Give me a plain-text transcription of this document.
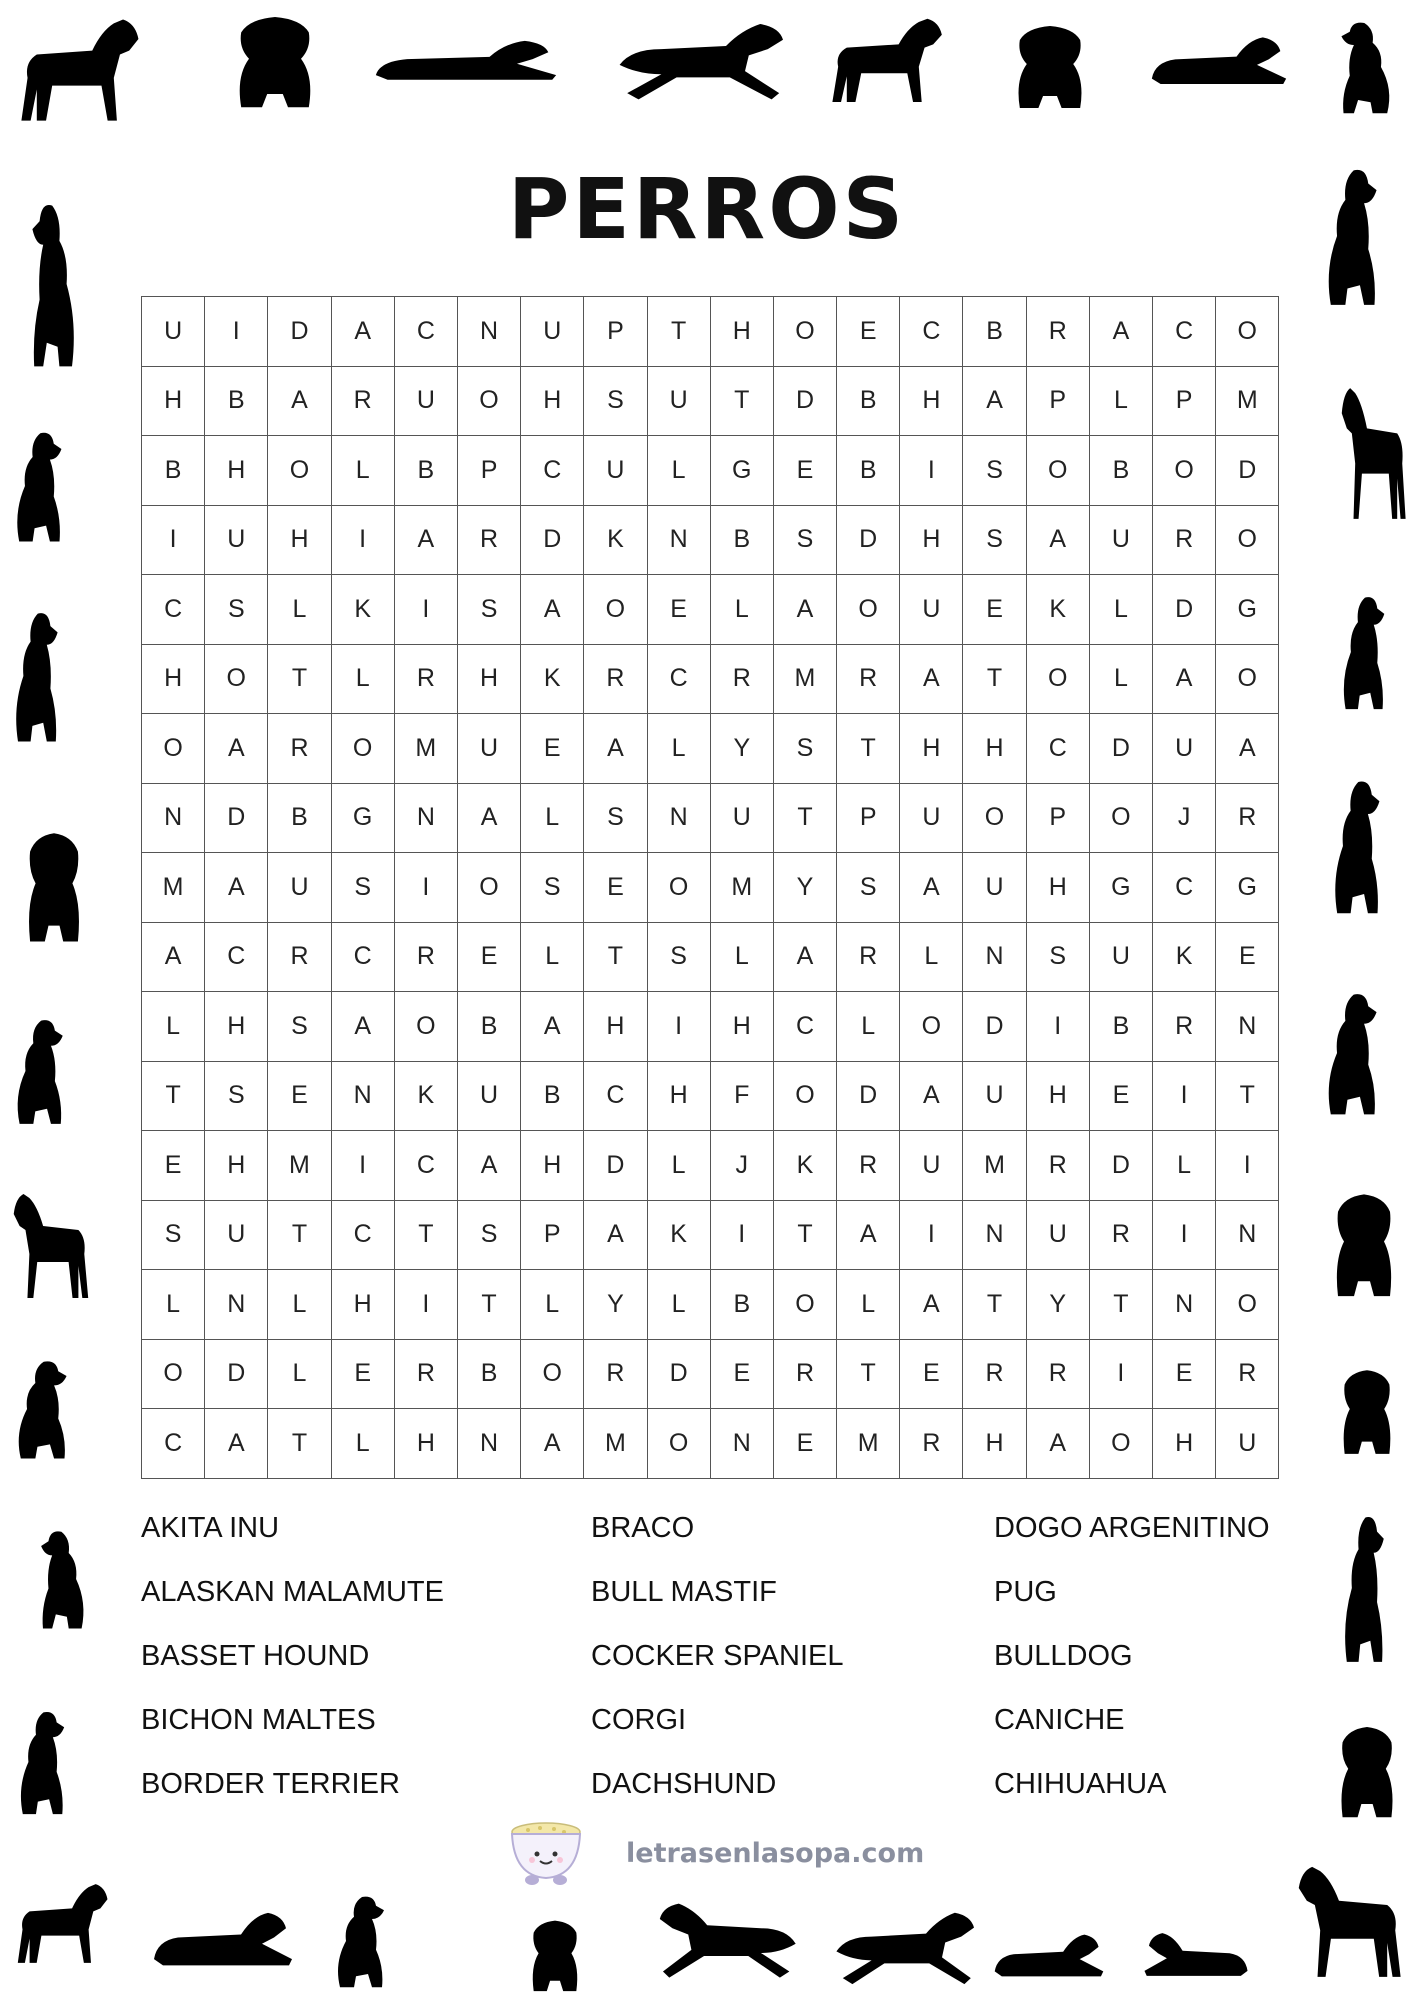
PERROS
U	I	D	A	C	N	U	P	T	H	O	E	C	B	R	A	C	O
H	B	A	R	U	O	H	S	U	T	D	B	H	A	P	L	P	M
B	H	O	L	B	P	C	U	L	G	E	B	I	S	O	B	O	D
I	U	H	I	A	R	D	K	N	B	S	D	H	S	A	U	R	O
C	S	L	K	I	S	A	O	E	L	A	O	U	E	K	L	D	G
H	O	T	L	R	H	K	R	C	R	M	R	A	T	O	L	A	O
O	A	R	O	M	U	E	A	L	Y	S	T	H	H	C	D	U	A
N	D	B	G	N	A	L	S	N	U	T	P	U	O	P	O	J	R
M	A	U	S	I	O	S	E	O	M	Y	S	A	U	H	G	C	G
A	C	R	C	R	E	L	T	S	L	A	R	L	N	S	U	K	E
L	H	S	A	O	B	A	H	I	H	C	L	O	D	I	B	R	N
T	S	E	N	K	U	B	C	H	F	O	D	A	U	H	E	I	T
E	H	M	I	C	A	H	D	L	J	K	R	U	M	R	D	L	I
S	U	T	C	T	S	P	A	K	I	T	A	I	N	U	R	I	N
L	N	L	H	I	T	L	Y	L	B	O	L	A	T	Y	T	N	O
O	D	L	E	R	B	O	R	D	E	R	T	E	R	R	I	E	R
C	A	T	L	H	N	A	M	O	N	E	M	R	H	A	O	H	U
AKITA INU
ALASKAN MALAMUTE
BASSET HOUND
BICHON MALTES
BORDER TERRIER
BRACO
BULL MASTIF
COCKER SPANIEL
CORGI
DACHSHUND
DOGO ARGENITINO
PUG
BULLDOG
CANICHE
CHIHUAHUA
letrasenlasopa.com
